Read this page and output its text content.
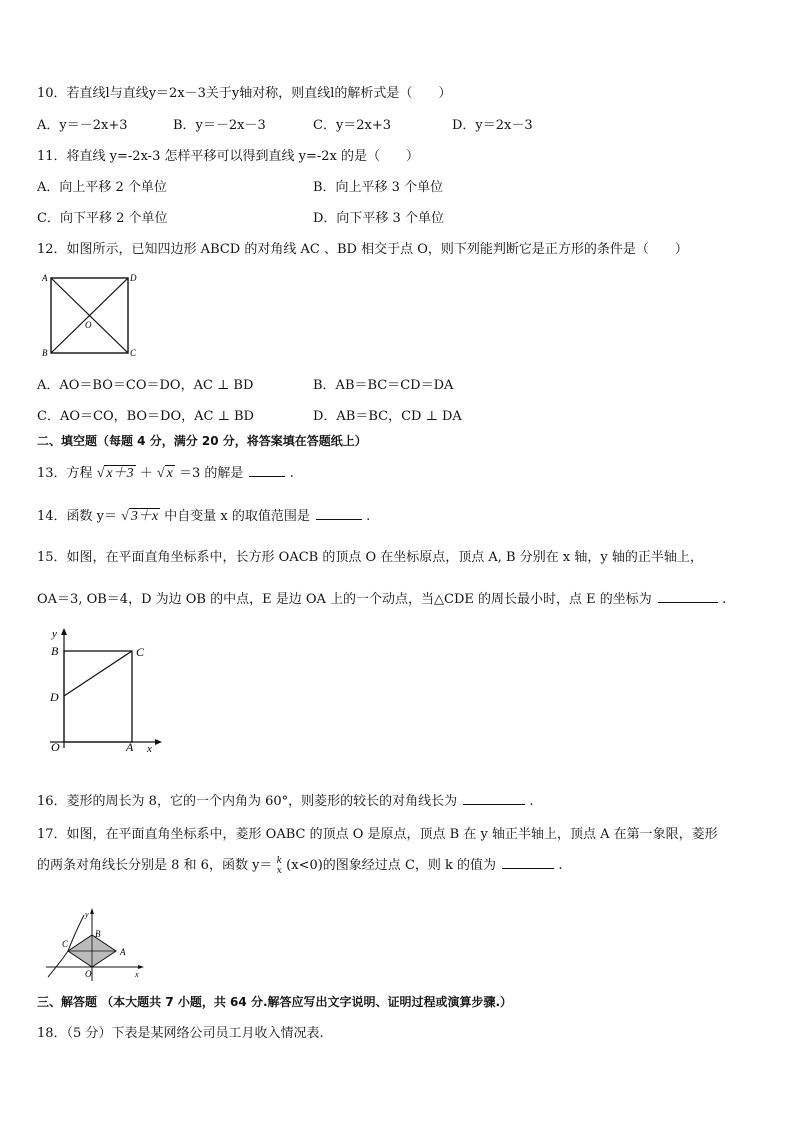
10．若直线l与直线y＝2x－3关于y轴对称，则直线l的解析式是（　　）
A．y＝－2x+3	B．y＝－2x－3	C．y＝2x+3	D．y＝2x－3
11．将直线 y=-2x-3 怎样平移可以得到直线 y=-2x 的是（　　）
A．向上平移 2 个单位	B．向上平移 3 个单位
C．向下平移 2 个单位	D．向下平移 3 个单位
12．如图所示，已知四边形 ABCD 的对角线 AC 、BD 相交于点 O，则下列能判断它是正方形的条件是（　　）
A	D
B	C
O
A．AO＝BO＝CO＝DO，AC ⊥ BD	B．AB＝BC＝CD＝DA
C．AO＝CO，BO＝DO，AC ⊥ BD	D．AB＝BC，CD ⊥ DA
二、填空题（每题 4 分，满分 20 分，将答案填在答题纸上）
13．方程 √ x＋3 ＋ √ x ＝3 的解是	.
14．函数 y＝ √ 3＋x 中自变量 x 的取值范围是	.
15．如图，在平面直角坐标系中，长方形 OACB 的顶点 O 在坐标原点，顶点 A, B 分别在 x 轴，y 轴的正半轴上，
OA＝3, OB＝4，D 为边 OB 的中点，E 是边 OA 上的一个动点，当△CDE 的周长最小时，点 E 的坐标为	.
y
B	C
D
O	A x
16．菱形的周长为 8，它的一个内角为 60°，则菱形的较长的对角线长为	.
17．如图，在平面直角坐标系中，菱形 OABC 的顶点 O 是原点，顶点 B 在 y 轴正半轴上，顶点 A 在第一象限，菱形
的两条对角线长分别是 8 和 6，函数 y＝ k
x (x<0)的图象经过点 C，则 k 的值为	.
y
B
C
A
O	x
三、解答题 （本大题共 7 小题，共 64 分.解答应写出文字说明、证明过程或演算步骤.）
18．（5 分）下表是某网络公司员工月收入情况表.
